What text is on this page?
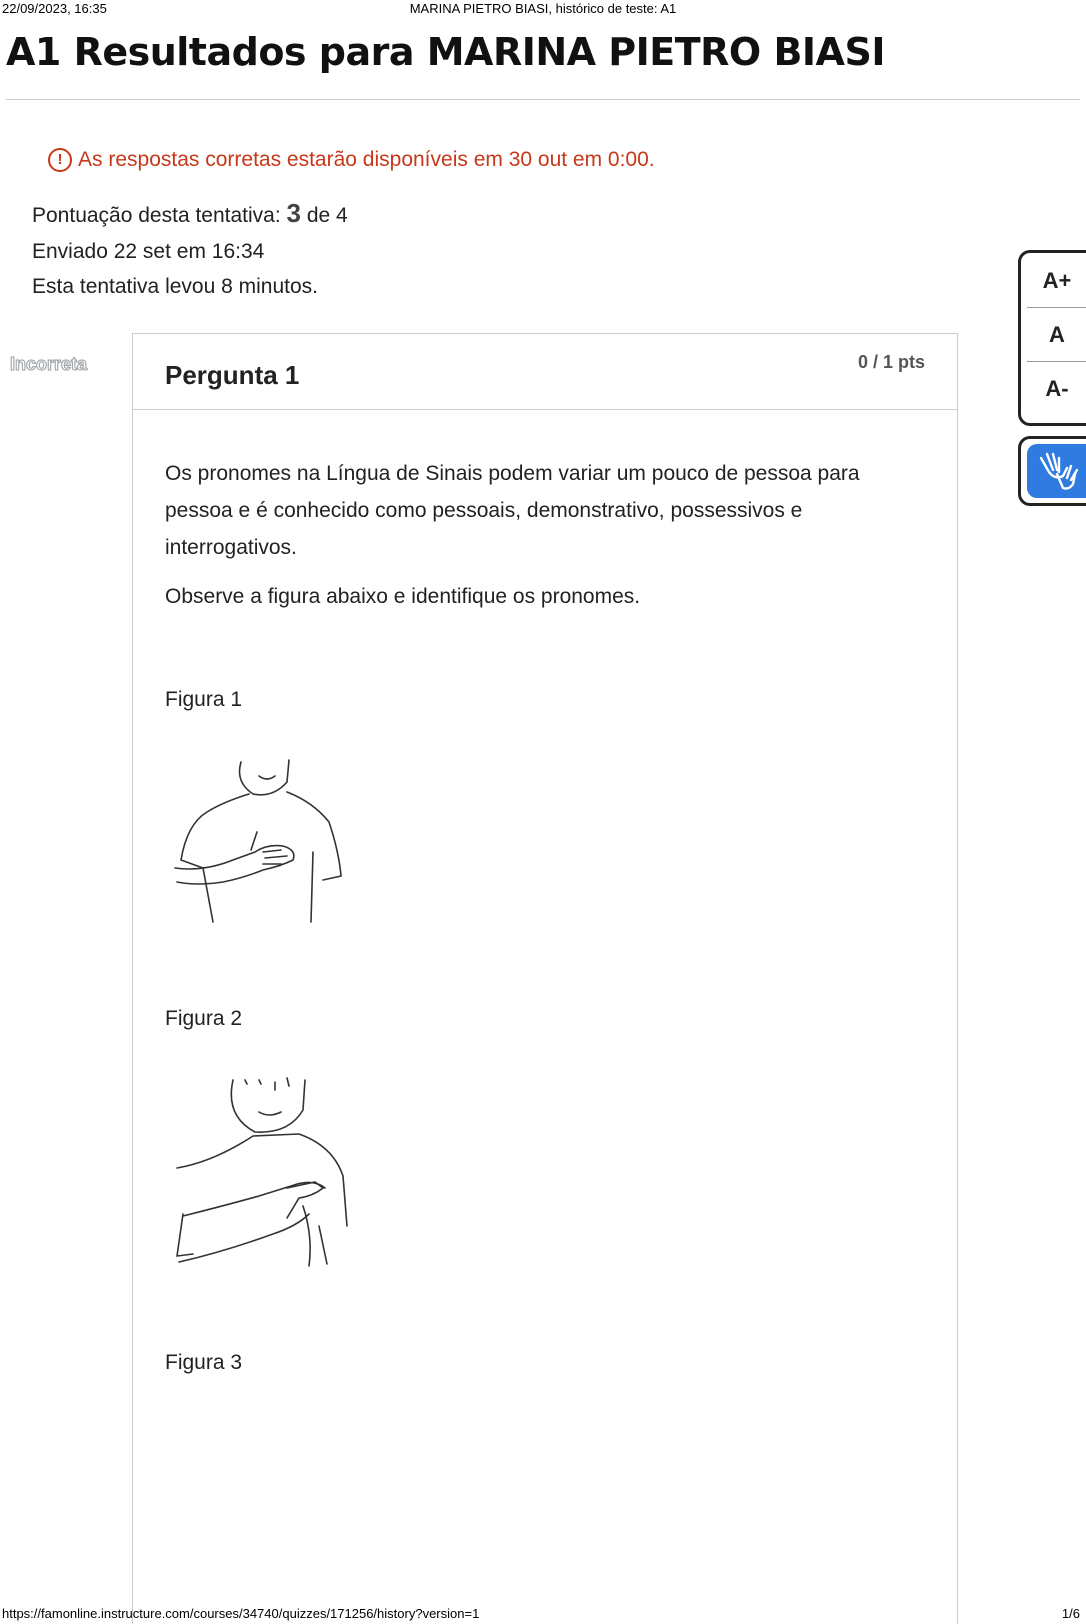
22/09/2023, 16:35	MARINA PIETRO BIASI, histórico de teste: A1
A1 Resultados para MARINA PIETRO BIASI
! As respostas corretas estarão disponíveis em 30 out em 0:00.
Pontuação desta tentativa: 3 de 4
Enviado 22 set em 16:34
Esta tentativa levou 8 minutos.
Incorreta	Pergunta 1	0 / 1 pts
Os pronomes na Língua de Sinais podem variar um pouco de pessoa para pessoa e é conhecido como pessoais, demonstrativo, possessivos e interrogativos.
Observe a figura abaixo e identifique os pronomes.
Figura 1
Figura 2
Figura 3
A+
A
A-
https://famonline.instructure.com/courses/34740/quizzes/171256/history?version=1	1/6
